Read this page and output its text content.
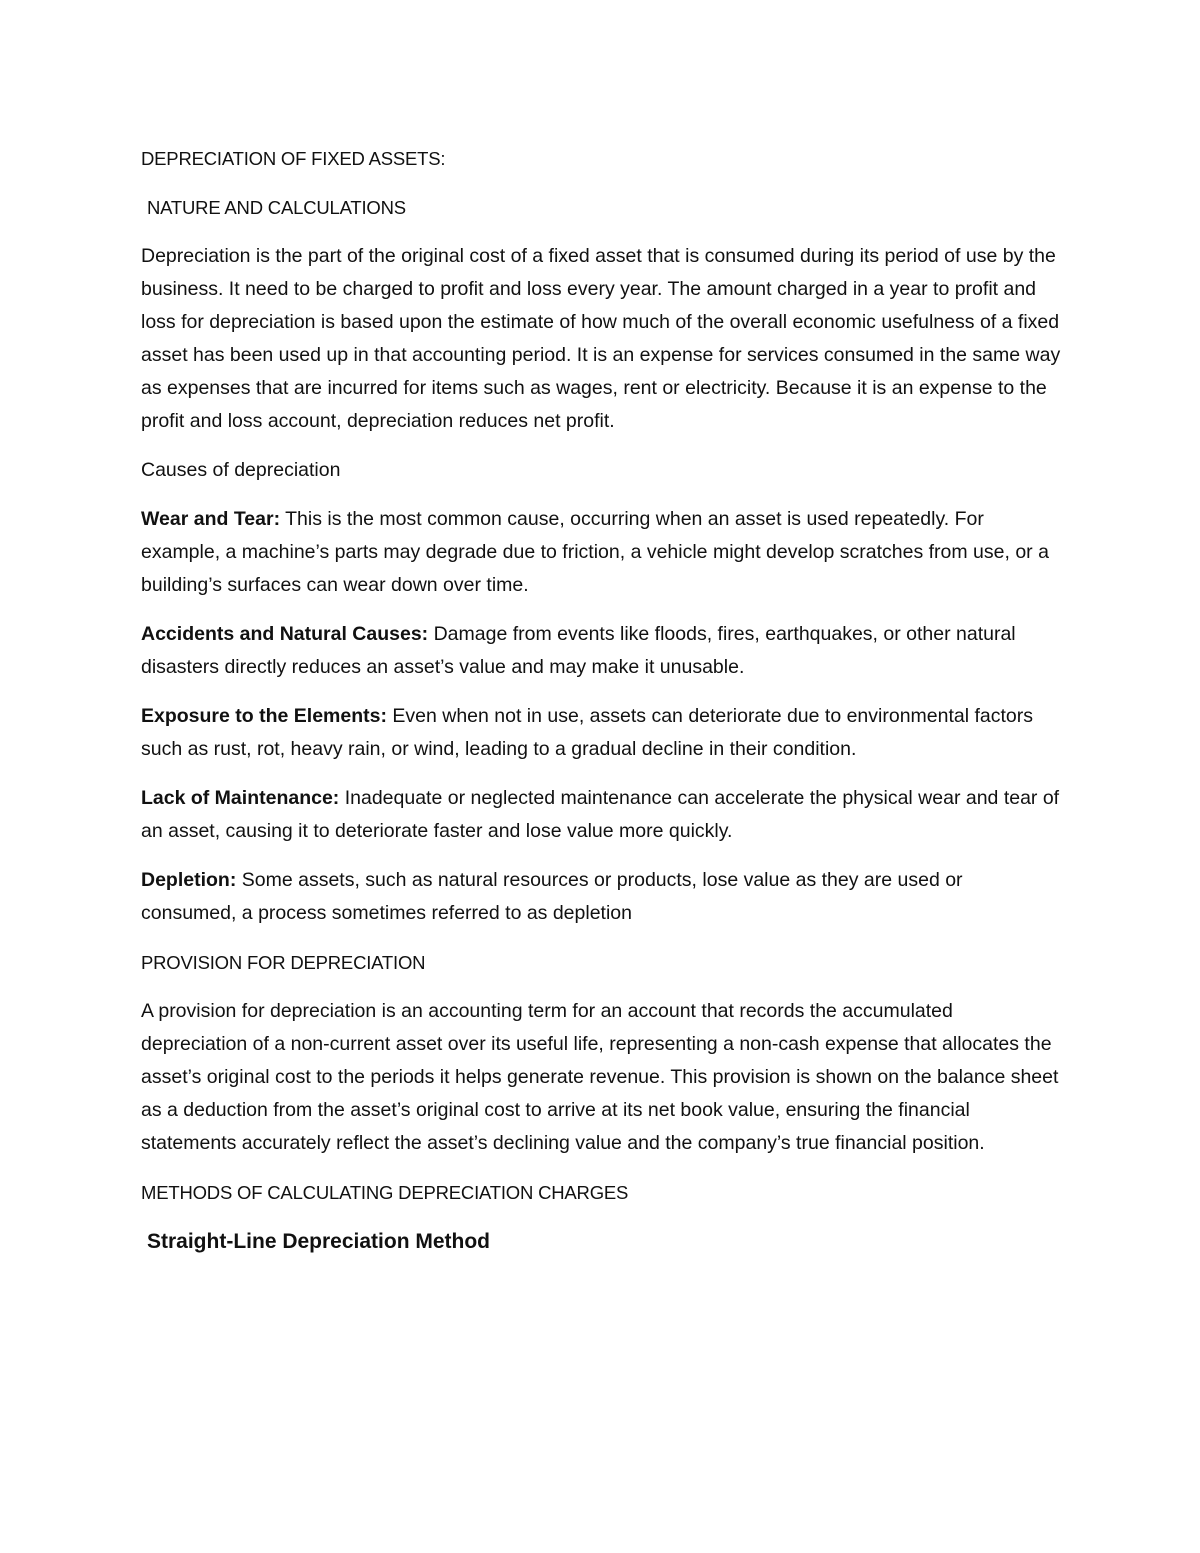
DEPRECIATION OF FIXED ASSETS:

NATURE AND CALCULATIONS

Depreciation is the part of the original cost of a fixed asset that is consumed during its period of use by the business. It need to be charged to profit and loss every year. The amount charged in a year to profit and loss for depreciation is based upon the estimate of how much of the overall economic usefulness of a fixed asset has been used up in that accounting period. It is an expense for services consumed in the same way as expenses that are incurred for items such as wages, rent or electricity. Because it is an expense to the profit and loss account, depreciation reduces net profit.

Causes of depreciation

Wear and Tear: This is the most common cause, occurring when an asset is used repeatedly. For example, a machine’s parts may degrade due to friction, a vehicle might develop scratches from use, or a building’s surfaces can wear down over time.

Accidents and Natural Causes: Damage from events like floods, fires, earthquakes, or other natural disasters directly reduces an asset’s value and may make it unusable.

Exposure to the Elements: Even when not in use, assets can deteriorate due to environmental factors such as rust, rot, heavy rain, or wind, leading to a gradual decline in their condition.

Lack of Maintenance: Inadequate or neglected maintenance can accelerate the physical wear and tear of an asset, causing it to deteriorate faster and lose value more quickly.

Depletion: Some assets, such as natural resources or products, lose value as they are used or consumed, a process sometimes referred to as depletion

PROVISION FOR DEPRECIATION

A provision for depreciation is an accounting term for an account that records the accumulated depreciation of a non-current asset over its useful life, representing a non-cash expense that allocates the asset’s original cost to the periods it helps generate revenue. This provision is shown on the balance sheet as a deduction from the asset’s original cost to arrive at its net book value, ensuring the financial statements accurately reflect the asset’s declining value and the company’s true financial position.

METHODS OF CALCULATING DEPRECIATION CHARGES

Straight-Line Depreciation Method
